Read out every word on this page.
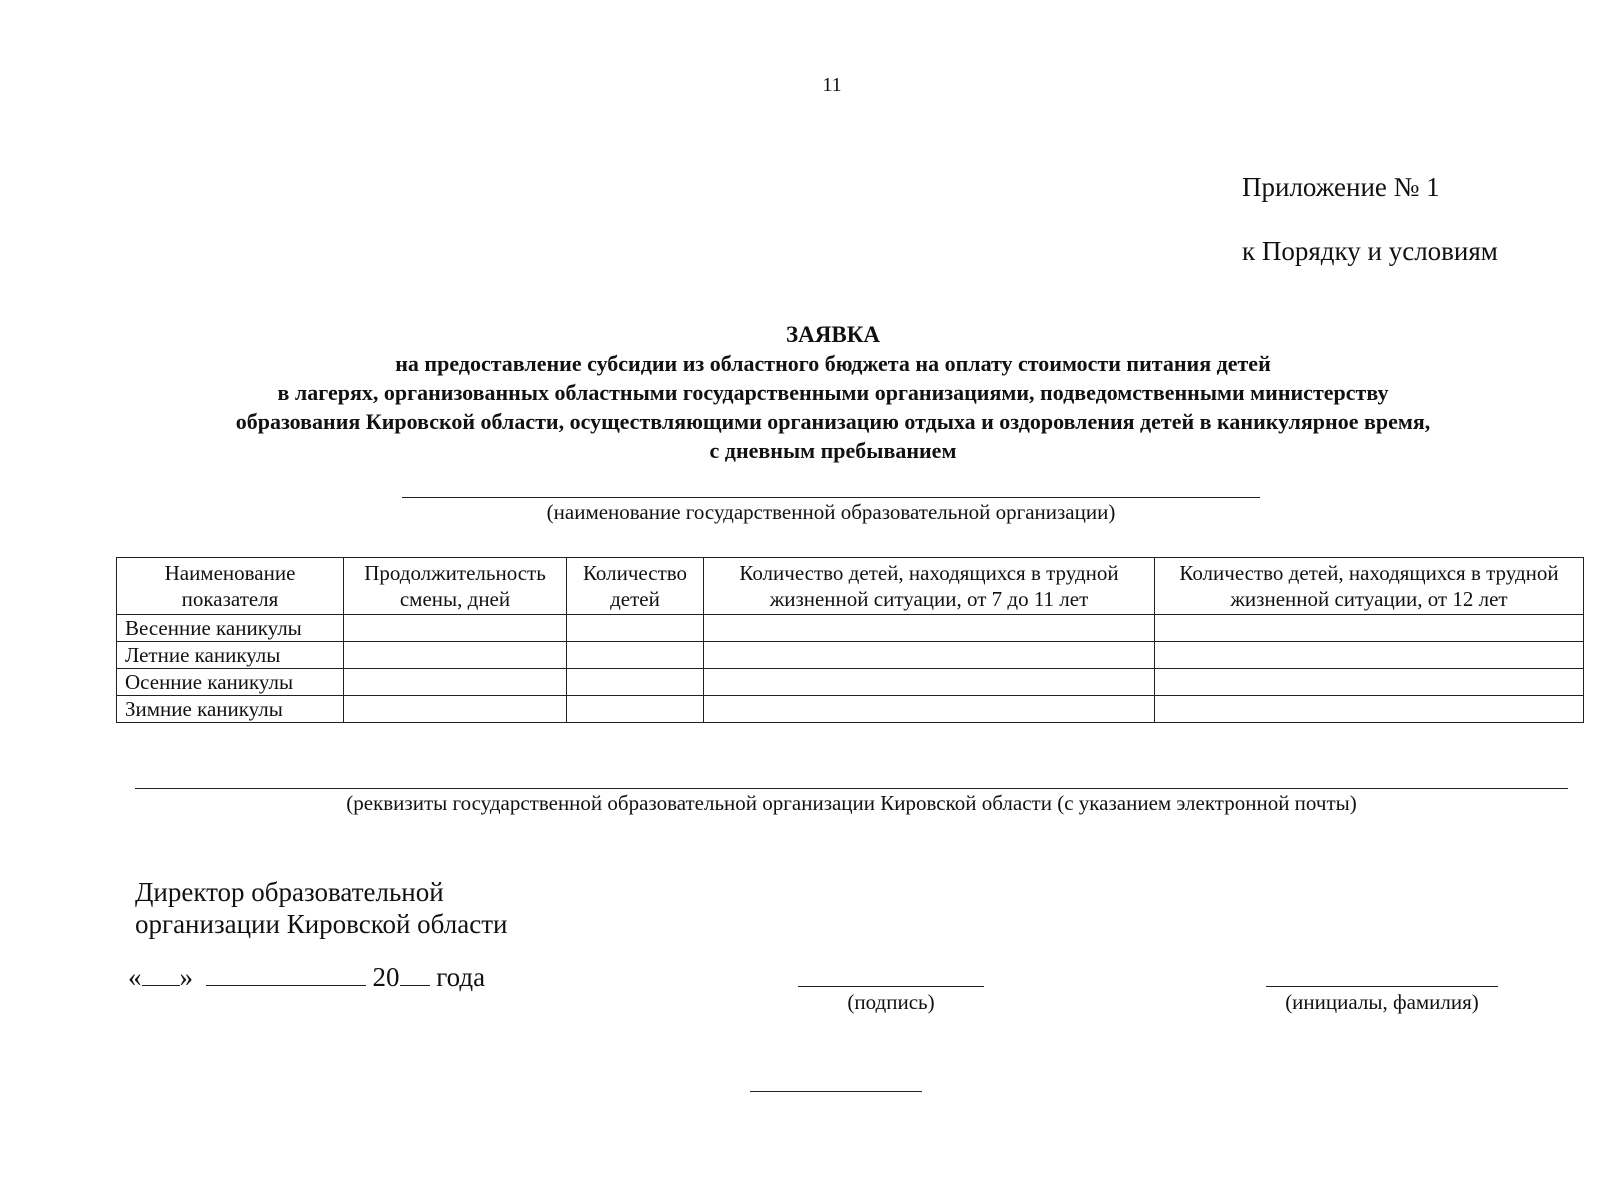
11
Приложение № 1
к Порядку и условиям
ЗАЯВКА
на предоставление субсидии из областного бюджета на оплату стоимости питания детей
в лагерях, организованных областными государственными организациями, подведомственными министерству
образования Кировской области, осуществляющими организацию отдыха и оздоровления детей в каникулярное время,
с дневным пребыванием
(наименование государственной образовательной организации)
Наименование показателя	Продолжительность смены, дней	Количество детей	Количество детей, находящихся в трудной жизненной ситуации, от 7 до 11 лет	Количество детей, находящихся в трудной жизненной ситуации, от 12 лет
Весенние каникулы				
Летние каникулы				
Осенние каникулы				
Зимние каникулы				
(реквизиты государственной образовательной организации Кировской области (с указанием электронной почты)
Директор образовательной
организации Кировской области
« »	20 года
(подпись)	(инициалы, фамилия)
